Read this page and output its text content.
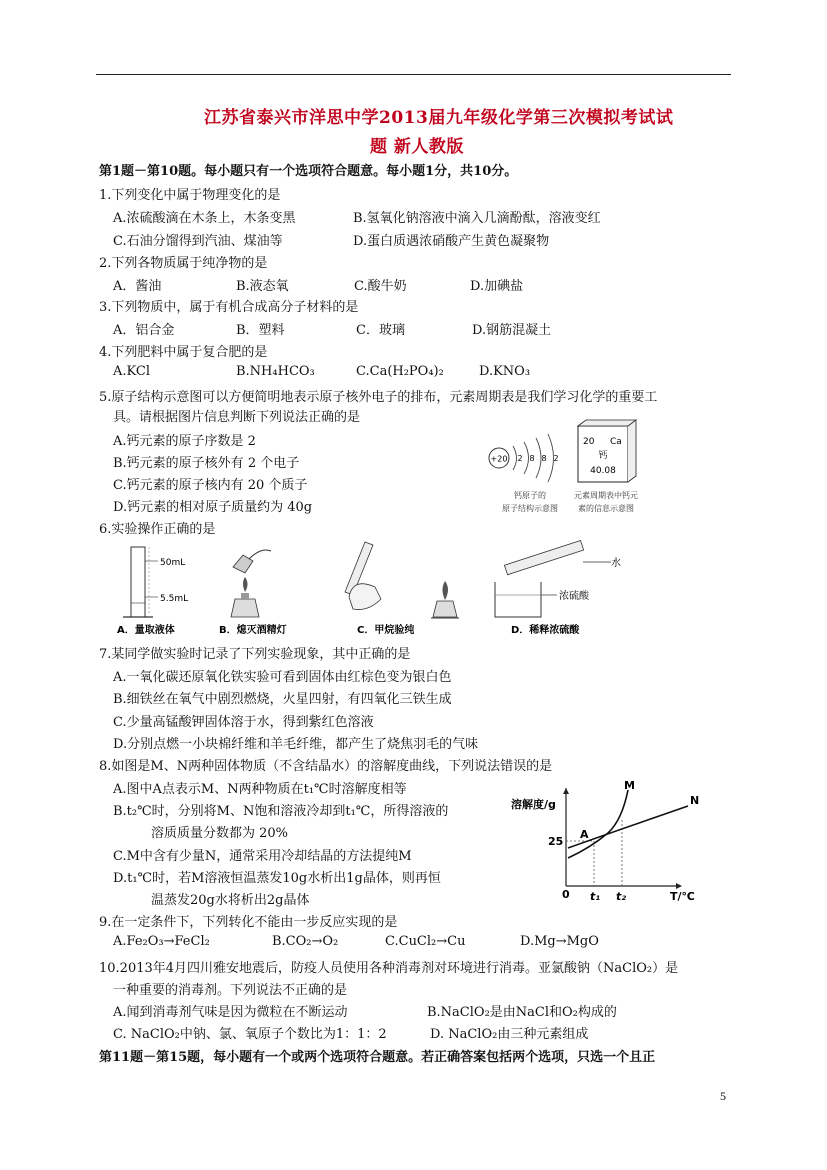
江苏省泰兴市洋思中学2013届九年级化学第三次模拟考试试
题 新人教版
第1题－第10题。每小题只有一个选项符合题意。每小题1分，共10分。
1.下列变化中属于物理变化的是
A.浓硫酸滴在木条上，木条变黑	B.氢氧化钠溶液中滴入几滴酚酞，溶液变红
C.石油分馏得到汽油、煤油等	D.蛋白质遇浓硝酸产生黄色凝聚物
2.下列各物质属于纯净物的是
A．酱油	B.液态氧	C.酸牛奶	D.加碘盐
3.下列物质中，属于有机合成高分子材料的是
A．铝合金	B．塑料	C．玻璃	D.钢筋混凝土
4.下列肥料中属于复合肥的是
A.KCl	B.NH₄HCO₃	C.Ca(H₂PO₄)₂	D.KNO₃
5.原子结构示意图可以方便简明地表示原子核外电子的排布，元素周期表是我们学习化学的重要工
具。请根据图片信息判断下列说法正确的是
A.钙元素的原子序数是 2
B.钙元素的原子核外有 2 个电子
C.钙元素的原子核内有 20 个质子
D.钙元素的相对原子质量约为 40g
+20 2 8 8 2
20 Ca
钙
40.08
钙原子的
原子结构示意图
元素周期表中钙元
素的信息示意图
6.实验操作正确的是
50mL
5.5mL
水
浓硫酸
A．量取液体	B．熄灭酒精灯	C．甲烷验纯	D．稀释浓硫酸
7.某同学做实验时记录了下列实验现象，其中正确的是
A.一氧化碳还原氧化铁实验可看到固体由红棕色变为银白色
B.细铁丝在氧气中剧烈燃烧，火星四射，有四氧化三铁生成
C.少量高锰酸钾固体溶于水，得到紫红色溶液
D.分别点燃一小块棉纤维和羊毛纤维，都产生了烧焦羽毛的气味
8.如图是M、N两种固体物质（不含结晶水）的溶解度曲线，下列说法错误的是
A.图中A点表示M、N两种物质在t₁℃时溶解度相等
B.t₂℃时，分别将M、N饱和溶液冷却到t₁℃，所得溶液的
溶质质量分数都为 20%
C.M中含有少量N，通常采用冷却结晶的方法提纯M
D.t₁℃时，若M溶液恒温蒸发10g水析出1g晶体，则再恒
温蒸发20g水将析出2g晶体
溶解度/g
T/℃
25
0
A
t₁ t₂
M
N
9.在一定条件下，下列转化不能由一步反应实现的是
A.Fe₂O₃→FeCl₂	B.CO₂→O₂	C.CuCl₂→Cu	D.Mg→MgO
10.2013年4月四川雅安地震后，防疫人员使用各种消毒剂对环境进行消毒。亚氯酸钠（NaClO₂）是
一种重要的消毒剂。下列说法不正确的是
A.闻到消毒剂气味是因为微粒在不断运动	B.NaClO₂是由NaCl和O₂构成的
C. NaClO₂中钠、氯、氧原子个数比为1：1：2	D. NaClO₂由三种元素组成
第11题－第15题，每小题有一个或两个选项符合题意。若正确答案包括两个选项，只选一个且正
5
